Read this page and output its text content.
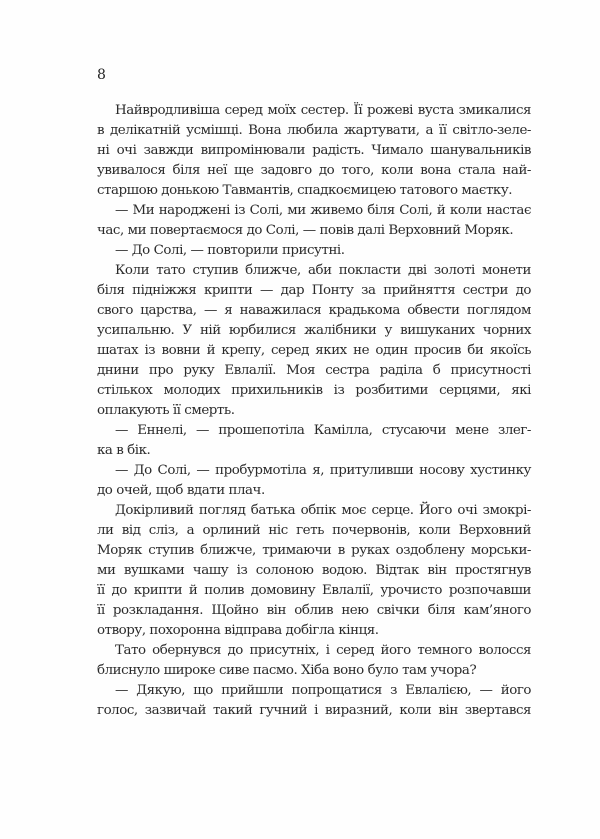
8
Найвродливіша серед моїх сестер. Її рожеві вуста змикалися
в делікатній усмішці. Вона любила жартувати, а її світло-зеле-
ні очі завжди випромінювали радість. Чимало шанувальників
увивалося біля неї ще задовго до того, коли вона стала най-
старшою донькою Тавмантів, спадкоємицею татового маєтку.
— Ми народжені із Солі, ми живемо біля Солі, й коли настає
час, ми повертаємося до Солі, — повів далі Верховний Моряк.
— До Солі, — повторили присутні.
Коли тато ступив ближче, аби покласти дві золоті монети
біля підніжжя крипти — дар Понту за прийняття сестри до
свого царства, — я наважилася крадькома обвести поглядом
усипальню. У ній юрбилися жалібники у вишуканих чорних
шатах із вовни й крепу, серед яких не один просив би якоїсь
днини про руку Евлалії. Моя сестра раділа б присутності
стількох молодих прихильників із розбитими серцями, які
оплакують її смерть.
— Еннелі, — прошепотіла Камілла, стусаючи мене злег-
ка в бік.
— До Солі, — пробурмотіла я, притуливши носову хустинку
до очей, щоб вдати плач.
Докірливий погляд батька обпік моє серце. Його очі змокрі-
ли від сліз, а орлиний ніс геть почервонів, коли Верховний
Моряк ступив ближче, тримаючи в руках оздоблену морськи-
ми вушками чашу із солоною водою. Відтак він простягнув
її до крипти й полив домовину Евлалії, урочисто розпочавши
її розкладання. Щойно він облив нею свічки біля кам’яного
отвору, похоронна відправа добігла кінця.
Тато обернувся до присутніх, і серед його темного волосся
блиснуло широке сиве пасмо. Хіба воно було там учора?
— Дякую, що прийшли попрощатися з Евлалією, — його
голос, зазвичай такий гучний і виразний, коли він звертався
